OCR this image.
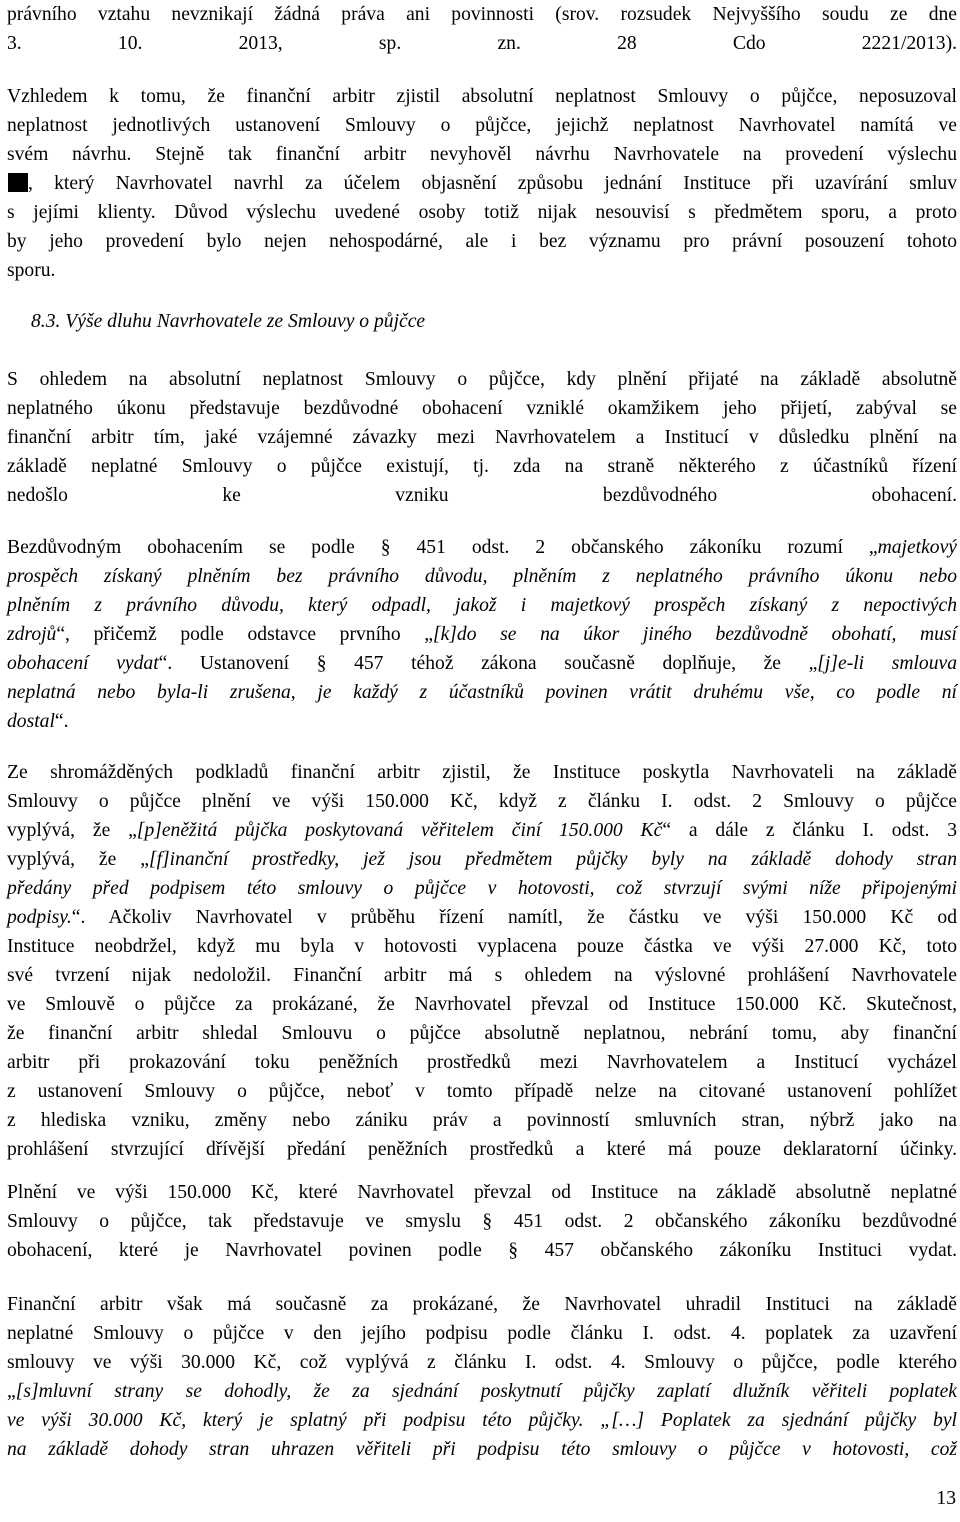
právního vztahu nevznikají žádná práva ani povinnosti (srov. rozsudek Nejvyššího soudu ze dne
3. 10. 2013, sp. zn. 28 Cdo 2221/2013).
Vzhledem k tomu, že finanční arbitr zjistil absolutní neplatnost Smlouvy o půjčce, neposuzoval
neplatnost jednotlivých ustanovení Smlouvy o půjčce, jejichž neplatnost Navrhovatel namítá ve
svém návrhu. Stejně tak finanční arbitr nevyhověl návrhu Navrhovatele na provedení výslechu
, který Navrhovatel navrhl za účelem objasnění způsobu jednání Instituce při uzavírání smluv
s jejími klienty. Důvod výslechu uvedené osoby totiž nijak nesouvisí s předmětem sporu, a proto
by jeho provedení bylo nejen nehospodárné, ale i bez významu pro právní posouzení tohoto
sporu.
8.3. Výše dluhu Navrhovatele ze Smlouvy o půjčce
S ohledem na absolutní neplatnost Smlouvy o půjčce, kdy plnění přijaté na základě absolutně
neplatného úkonu představuje bezdůvodné obohacení vzniklé okamžikem jeho přijetí, zabýval se
finanční arbitr tím, jaké vzájemné závazky mezi Navrhovatelem a Institucí v důsledku plnění na
základě neplatné Smlouvy o půjčce existují, tj. zda na straně některého z účastníků řízení
nedošlo ke vzniku bezdůvodného obohacení.
Bezdůvodným obohacením se podle § 451 odst. 2 občanského zákoníku rozumí „majetkový
prospěch získaný plněním bez právního důvodu, plněním z neplatného právního úkonu nebo
plněním z právního důvodu, který odpadl, jakož i majetkový prospěch získaný z nepoctivých
zdrojů“, přičemž podle odstavce prvního „[k]do se na úkor jiného bezdůvodně obohatí, musí
obohacení vydat“. Ustanovení § 457 téhož zákona současně doplňuje, že „[j]e-li smlouva
neplatná nebo byla-li zrušena, je každý z účastníků povinen vrátit druhému vše, co podle ní
dostal“.
Ze shromážděných podkladů finanční arbitr zjistil, že Instituce poskytla Navrhovateli na základě
Smlouvy o půjčce plnění ve výši 150.000 Kč, když z článku I. odst. 2 Smlouvy o půjčce
vyplývá, že „[p]eněžitá půjčka poskytovaná věřitelem činí 150.000 Kč“ a dále z článku I. odst. 3
vyplývá, že „[f]inanční prostředky, jež jsou předmětem půjčky byly na základě dohody stran
předány před podpisem této smlouvy o půjčce v hotovosti, což stvrzují svými níže připojenými
podpisy.“. Ačkoliv Navrhovatel v průběhu řízení namítl, že částku ve výši 150.000 Kč od
Instituce neobdržel, když mu byla v hotovosti vyplacena pouze částka ve výši 27.000 Kč, toto
své tvrzení nijak nedoložil. Finanční arbitr má s ohledem na výslovné prohlášení Navrhovatele
ve Smlouvě o půjčce za prokázané, že Navrhovatel převzal od Instituce 150.000 Kč. Skutečnost,
že finanční arbitr shledal Smlouvu o půjčce absolutně neplatnou, nebrání tomu, aby finanční
arbitr při prokazování toku peněžních prostředků mezi Navrhovatelem a Institucí vycházel
z ustanovení Smlouvy o půjčce, neboť v tomto případě nelze na citované ustanovení pohlížet
z hlediska vzniku, změny nebo zániku práv a povinností smluvních stran, nýbrž jako na
prohlášení stvrzující dřívější předání peněžních prostředků a které má pouze deklaratorní účinky.
Plnění ve výši 150.000 Kč, které Navrhovatel převzal od Instituce na základě absolutně neplatné
Smlouvy o půjčce, tak představuje ve smyslu § 451 odst. 2 občanského zákoníku bezdůvodné
obohacení, které je Navrhovatel povinen podle § 457 občanského zákoníku Instituci vydat.
Finanční arbitr však má současně za prokázané, že Navrhovatel uhradil Instituci na základě
neplatné Smlouvy o půjčce v den jejího podpisu podle článku I. odst. 4. poplatek za uzavření
smlouvy ve výši 30.000 Kč, což vyplývá z článku I. odst. 4. Smlouvy o půjčce, podle kterého
„[s]mluvní strany se dohodly, že za sjednání poskytnutí půjčky zaplatí dlužník věřiteli poplatek
ve výši 30.000 Kč, který je splatný při podpisu této půjčky. „[…] Poplatek za sjednání půjčky byl
na základě dohody stran uhrazen věřiteli při podpisu této smlouvy o půjčce v hotovosti, což
13
